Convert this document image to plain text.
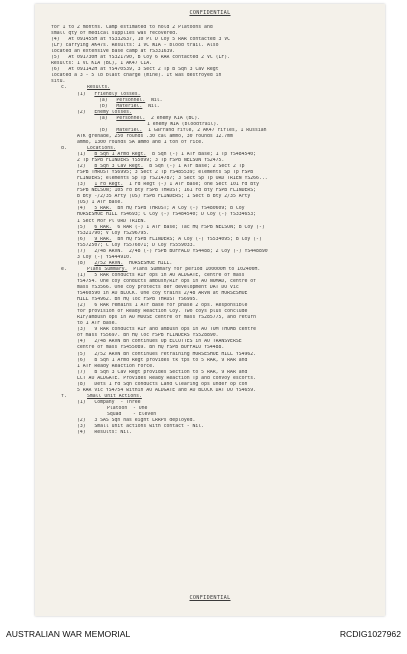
CONFIDENTIAL
for 1 to 2 months. Camp estimated to hold 2 Platoons and
small qty of medical supplies was recovered.
(4)   At 091455H at YS332637, 10 Pl D Coy 5 RAR contacted 3 VC
(LF) carrying AK47s. Results: 1 VC WIA - blood trail. Also
located an extensive base camp at YS331639.
(5)   At 091730H at YS321790, B Coy 6 RAR contacted 2 VC (LF).
Results: 1 VC KIA (BC), 1 AK47 CIA.
(6)   At 091142H at YS470539, 3 Sect 2 Tp B Sqn 3 Cav Regt
located a 3 - 5 lb blast charge (mine). It was destroyed in
situ.
c.       Results.
(1)   Friendly losses.
(a)   Personnel.  Nil.
(b)   Materiel.  Nil.
(2)   Enemy losses.
(a)   Personnel.  2 enemy KIA (BC).
1 enemy WIA (bloodtrail).
(b)   Materiel.  1 Garrand rifle, 2 AK47 rifles, 1 Russian
ATK grenade, 250 rounds .30 cal ammo, 30 rounds 12.7mm
ammo, 1300 rounds SA ammo and 1 ton of rice.
d.       Locations.
(1)   B Sqn 1 Armd Regt.  B Sqn (-) 1 ATF Base; 1 Tp YS484540;
2 Tp FSPB FLINDERS YS5099; 3 Tp FSPB NELSON YS2475.
(2)   B Sqn 3 Cav Regt.  B Sqn (-) 1 ATF Base; 2 Sect 2 Tp
FSPB THRUST YS6995; 3 Sect 2 Tp YS485539; elements Sp Tp FSPB
FLINDERS; elements Sp Tp YS214787; 3 Sect Sp Tp ORD TRIEN YS266...
(3)   1 Fd Regt.  1 Fd Regt (-) 1 ATF Base; one Sect 101 Fd Bty
FSPB NELSON; 105 Fd Bty FSPB THRUST; 161 Fd Bty FSPB FLINDERS;
B Bty -/2/35 Arty (US) FSPB FLINDERS; 1 Sect B Bty 2/35 Arty
(US) 1 ATF Base.
(4)   5 RAR.  Bn HQ FSPB THRUST; A Coy (-) YS480609; B Coy
HORSESHOE HILL YS4693; C Coy (-) YS484540; D Coy (-) YS334653;
1 Sect Mor Pl ORD TRIEN.
(5)   6 RAR.  6 RAR (-) 1 ATF Base; Tac HQ FSPB NELSON; B Coy (-)
YS321790; V Coy YS296795.
(6)   9 RAR.  Bn HQ FSPB FLINDERS; A Coy (-) YS534095; B Coy (-)
YS572507; C Coy YS576071; D Coy YS559033.
(7)   2/48 ARVN.  2/48 (-) FSPB BUFFALO YS4488; 2 Coy (-) YS448890
3 Coy (-) YS444910.
(8)   2/52 ARVN.  HORSESHOE HILL.
e.       Plans Summary.  Plans Summary for period 100000H to 102400H.
(1)   5 RAR conducts RIF ops in AO ALDGATE, centre of mass
YS4754. One coy conducts ambush/RIF ops in AO NOMAD, centre of
mass YS3566. One coy protects def development DAT DO vic
YS460590 in AO BLOCK. One coy trains 2/48 ARVN at HORSESHOE
HILL YS4962. Bn HQ loc FSPB THRUST YS6995.
(2)   6 RAR remains 1 ATF Base for phase 2 ops. Responsible
for provision of Ready Reaction Coy. Two coys plus conclude
RIF/ambush ops in AO MOOSE centre of mass YS285775, and return
to 1 ATF Base.
(3)   9 RAR conducts RIF and ambush ops in AO TOM THUMB centre
of mass YS5697. Bn HQ loc FSPB FLINDERS YS528890.
(4)   2/48 ARVN Bn continues Op ELCOTTES in AO TRANSVERSE
centre of mass YS455089. Bn HQ FSPB BUFFALO YS4488.
(5)   2/52 ARVN Bn continues retraining HORSESHOE HILL YS4962.
(6)   B Sqn 1 Armd Regt provides tk tps to 5 RAR, 9 RAR and
1 ATF Ready Reaction Force.
(7)   B Sqn 3 Cav Regt provides Section to 5 RAR, 9 RAR and
LCT AO ALDGATE. Provides Ready Reaction Tp and convoy escorts.
(8)   Dets 1 Fd Sqn conducts Land Clearing ops under op con
5 RAR vic YS4754 within AO ALDGATE and AO BLOCK DAT DO YS4659.
f.       Small Unit Actions.
(1)   Company  - Three
Platoon  - One
Squad    - Eleven
(2)   3 SAS Sqn has eight LRRPs deployed.
(3)   Small unit actions with contact - Nil.
(4)   Results: Nil.
CONFIDENTIAL
AUSTRALIAN WAR MEMORIAL	RCDIG1027962
